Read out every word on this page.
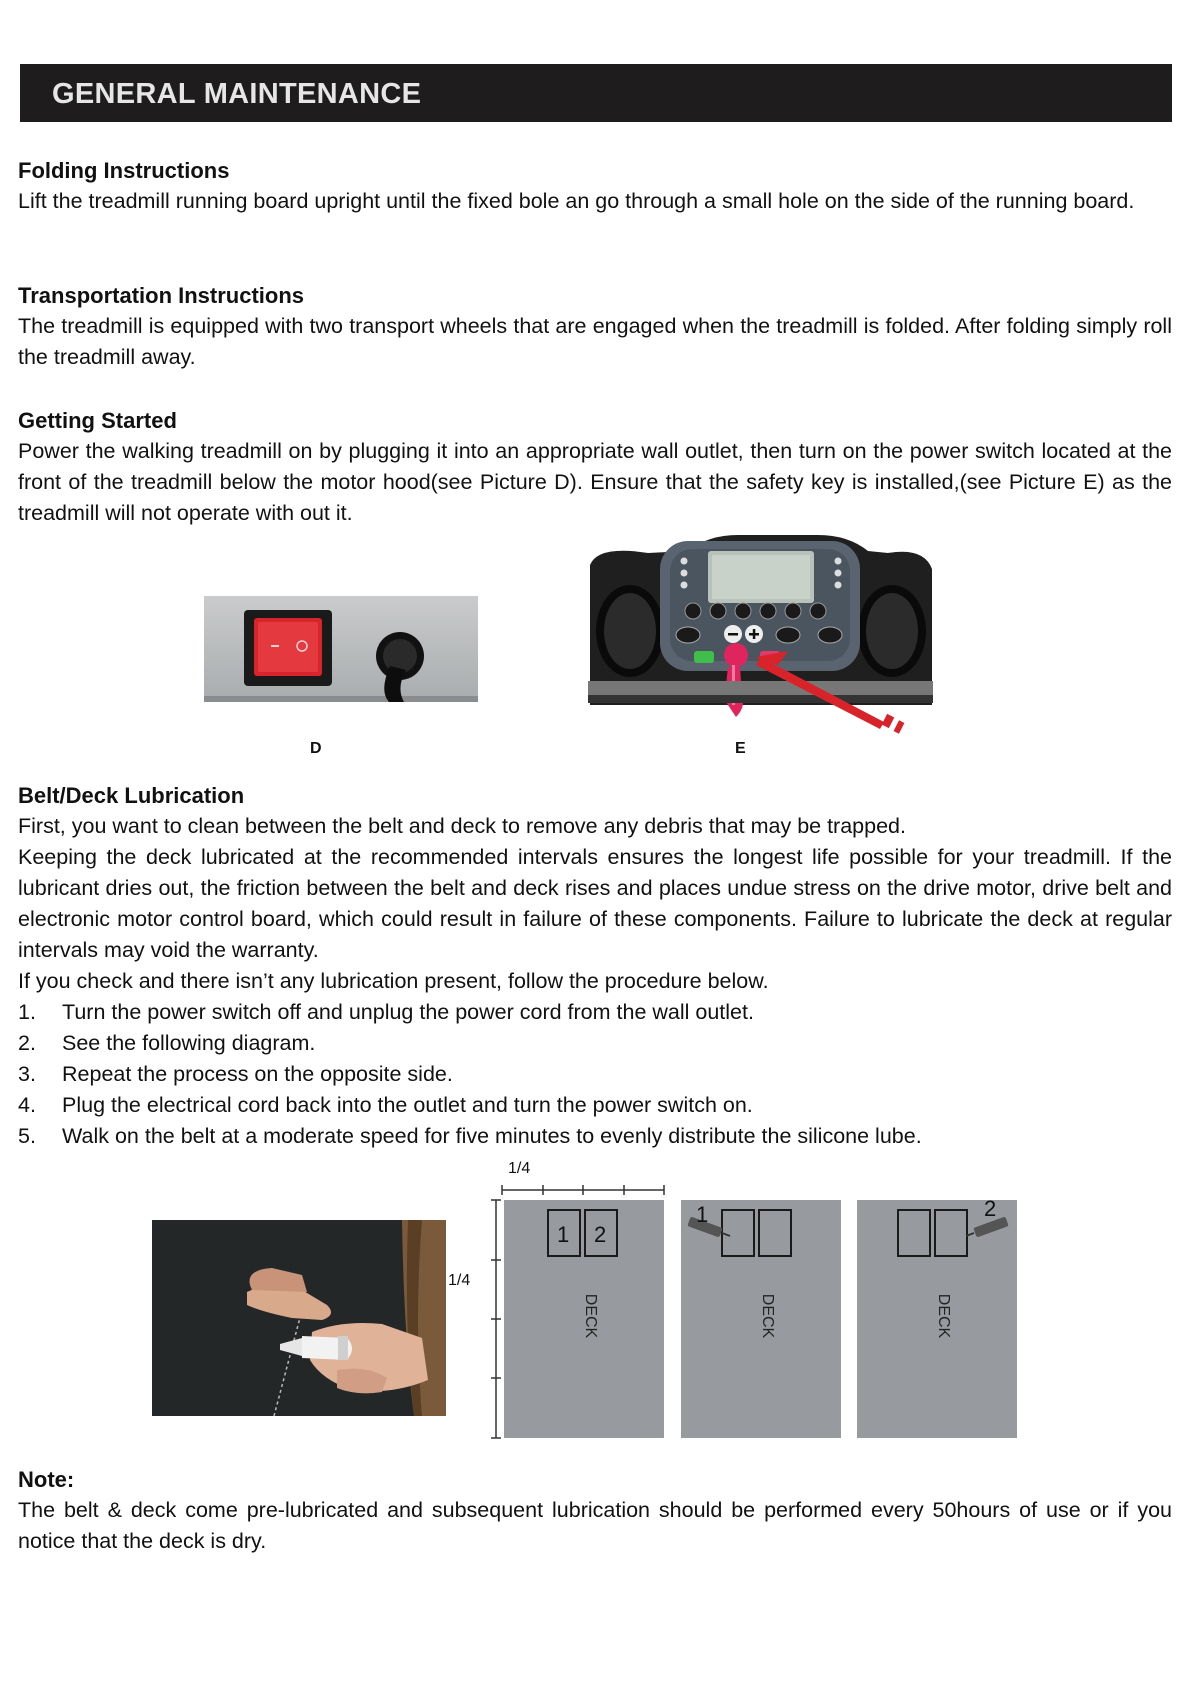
GENERAL MAINTENANCE
Folding Instructions

Lift the treadmill running board upright until the fixed bole an go through a small hole on the side of the running board.

Transportation Instructions

The treadmill is equipped with two transport wheels that are engaged when the treadmill is folded. After folding simply roll the treadmill away.

Getting Started

Power the walking treadmill on by plugging it into an appropriate wall outlet, then turn on the power switch located at the front of the treadmill below the motor hood(see Picture D). Ensure that the safety key is installed,(see Picture E) as the treadmill will not operate with out it.

D	E
Belt/Deck Lubrication

First, you want to clean between the belt and deck to remove any debris that may be trapped.

Keeping the deck lubricated at the recommended intervals ensures the longest life possible for your treadmill. If the lubricant dries out, the friction between the belt and deck rises and places undue stress on the drive motor, drive belt and electronic motor control board, which could result in failure of these components. Failure to lubricate the deck at regular intervals may void the warranty.

If you check and there isn’t any lubrication present, follow the procedure below.

1. Turn the power switch off and unplug the power cord from the wall outlet.
2. See the following diagram.
3. Repeat the process on the opposite side.
4. Plug the electrical cord back into the outlet and turn the power switch on.
5. Walk on the belt at a moderate speed for five minutes to evenly distribute the silicone lube.
1/4
1/4
1 2
1	2
DECK	DECK	DECK
Note:

The belt & deck come pre-lubricated and subsequent lubrication should be performed every 50hours of use or if you notice that the deck is dry.
